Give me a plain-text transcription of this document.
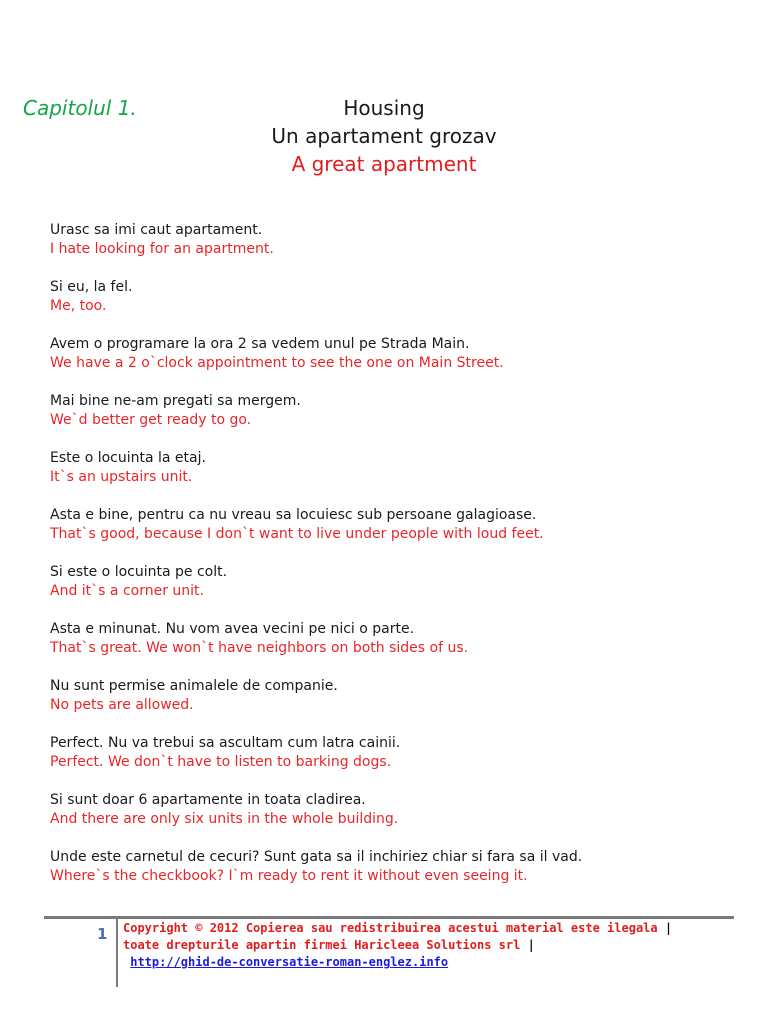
Capitolul 1.	Housing
Un apartament grozav
A great apartment
Urasc sa imi caut apartament.
I hate looking for an apartment.
Si eu, la fel.
Me, too.
Avem o programare la ora 2 sa vedem unul pe Strada Main.
We have a 2 o`clock appointment to see the one on Main Street.
Mai bine ne-am pregati sa mergem.
We`d better get ready to go.
Este o locuinta la etaj.
It`s an upstairs unit.
Asta e bine, pentru ca nu vreau sa locuiesc sub persoane galagioase.
That`s good, because I don`t want to live under people with loud feet.
Si este o locuinta pe colt.
And it`s a corner unit.
Asta e minunat. Nu vom avea vecini pe nici o parte.
That`s great. We won`t have neighbors on both sides of us.
Nu sunt permise animalele de companie.
No pets are allowed.
Perfect. Nu va trebui sa ascultam cum latra cainii.
Perfect. We don`t have to listen to barking dogs.
Si sunt doar 6 apartamente in toata cladirea.
And there are only six units in the whole building.
Unde este carnetul de cecuri? Sunt gata sa il inchiriez chiar si fara sa il vad.
Where`s the checkbook? I`m ready to rent it without even seeing it.
1 Copyright © 2012 Copierea sau redistribuirea acestui material este ilegala |
toate drepturile apartin firmei Haricleea Solutions srl |
http://ghid-de-conversatie-roman-englez.info
